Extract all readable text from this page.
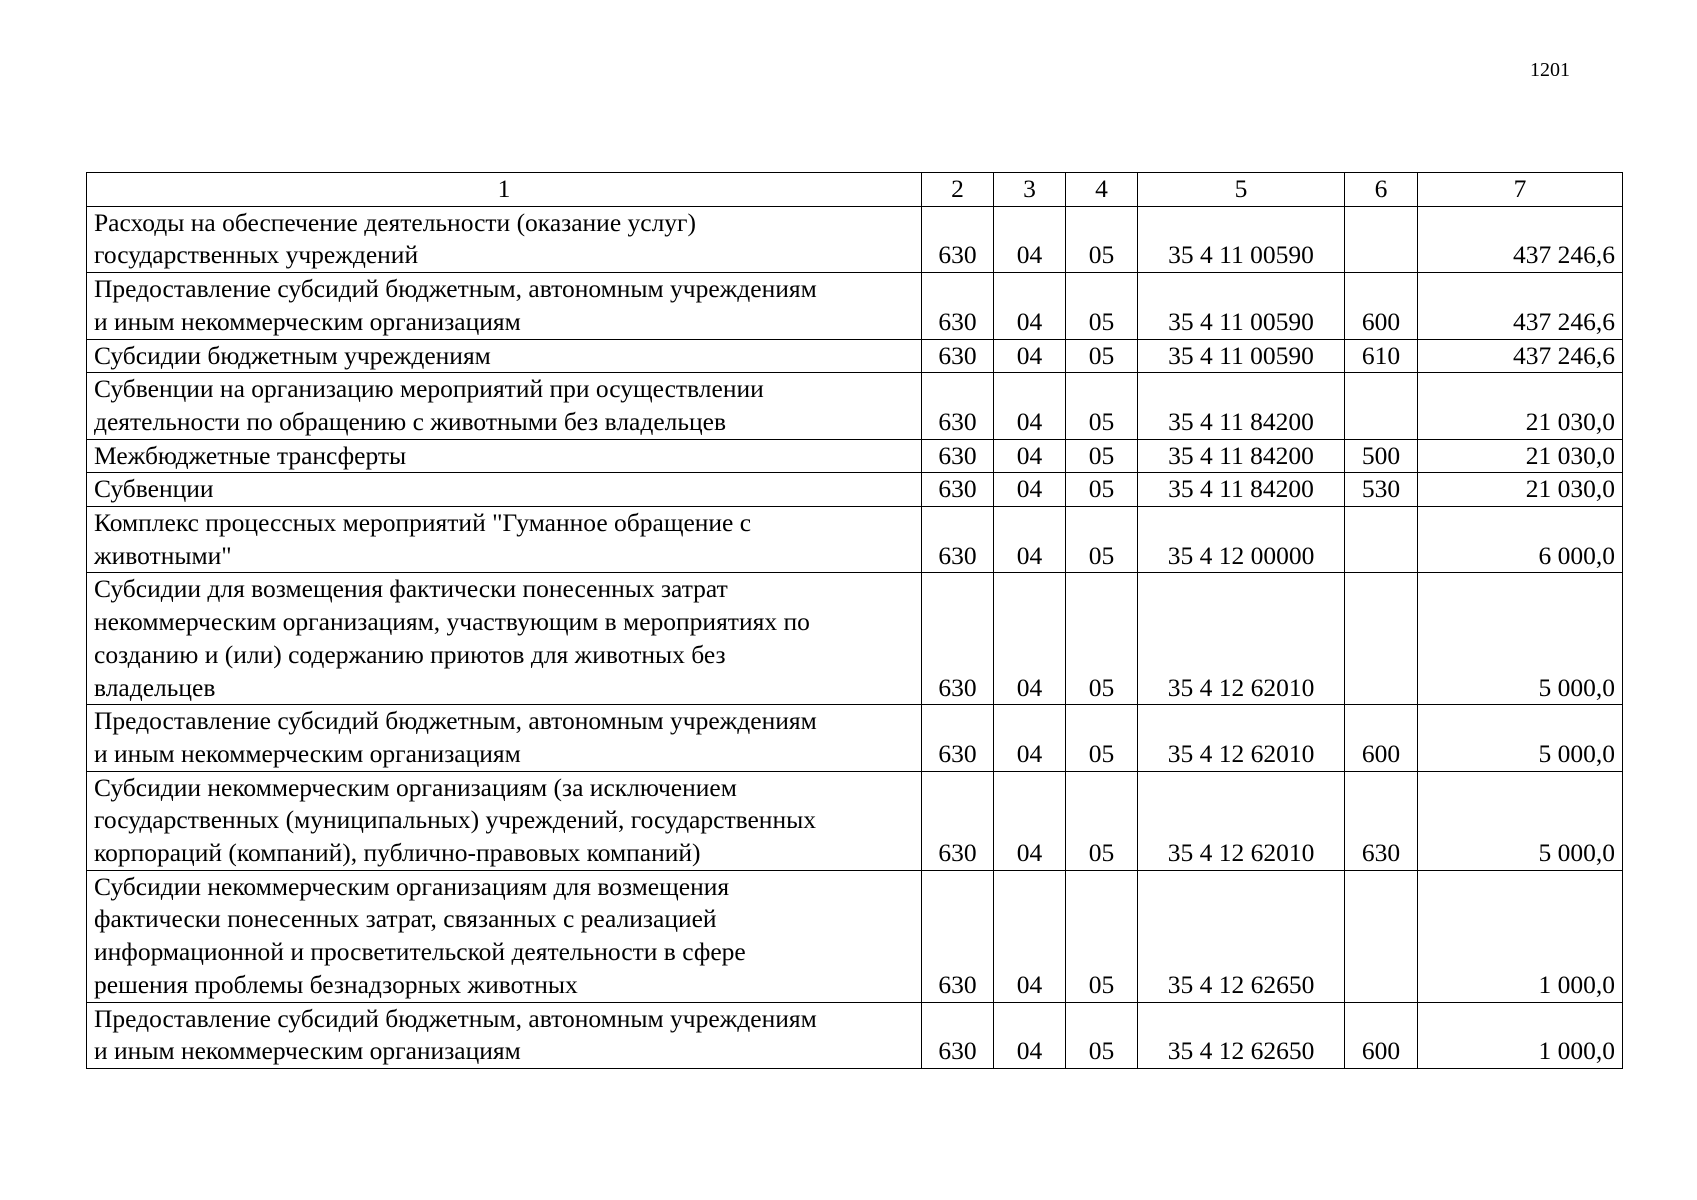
1201
1	2	3	4	5	6	7

Расходы на обеспечение деятельности (оказание услуг)
государственных учреждений	630	04	05	35 4 11 00590		437 246,6

Предоставление субсидий бюджетным, автономным учреждениям
и иным некоммерческим организациям	630	04	05	35 4 11 00590	600	437 246,6

Субсидии бюджетным учреждениям	630	04	05	35 4 11 00590	610	437 246,6

Субвенции на организацию мероприятий при осуществлении
деятельности по обращению с животными без владельцев	630	04	05	35 4 11 84200		21 030,0

Межбюджетные трансферты	630	04	05	35 4 11 84200	500	21 030,0

Субвенции	630	04	05	35 4 11 84200	530	21 030,0

Комплекс процессных мероприятий "Гуманное обращение с
животными"	630	04	05	35 4 12 00000		6 000,0

Субсидии для возмещения фактически понесенных затрат
некоммерческим организациям, участвующим в мероприятиях по
созданию и (или) содержанию приютов для животных без
владельцев	630	04	05	35 4 12 62010		5 000,0

Предоставление субсидий бюджетным, автономным учреждениям
и иным некоммерческим организациям	630	04	05	35 4 12 62010	600	5 000,0

Субсидии некоммерческим организациям (за исключением
государственных (муниципальных) учреждений, государственных
корпораций (компаний), публично-правовых компаний)	630	04	05	35 4 12 62010	630	5 000,0

Субсидии некоммерческим организациям для возмещения
фактически понесенных затрат, связанных с реализацией
информационной и просветительской деятельности в сфере
решения проблемы безнадзорных животных	630	04	05	35 4 12 62650		1 000,0

Предоставление субсидий бюджетным, автономным учреждениям
и иным некоммерческим организациям	630	04	05	35 4 12 62650	600	1 000,0
